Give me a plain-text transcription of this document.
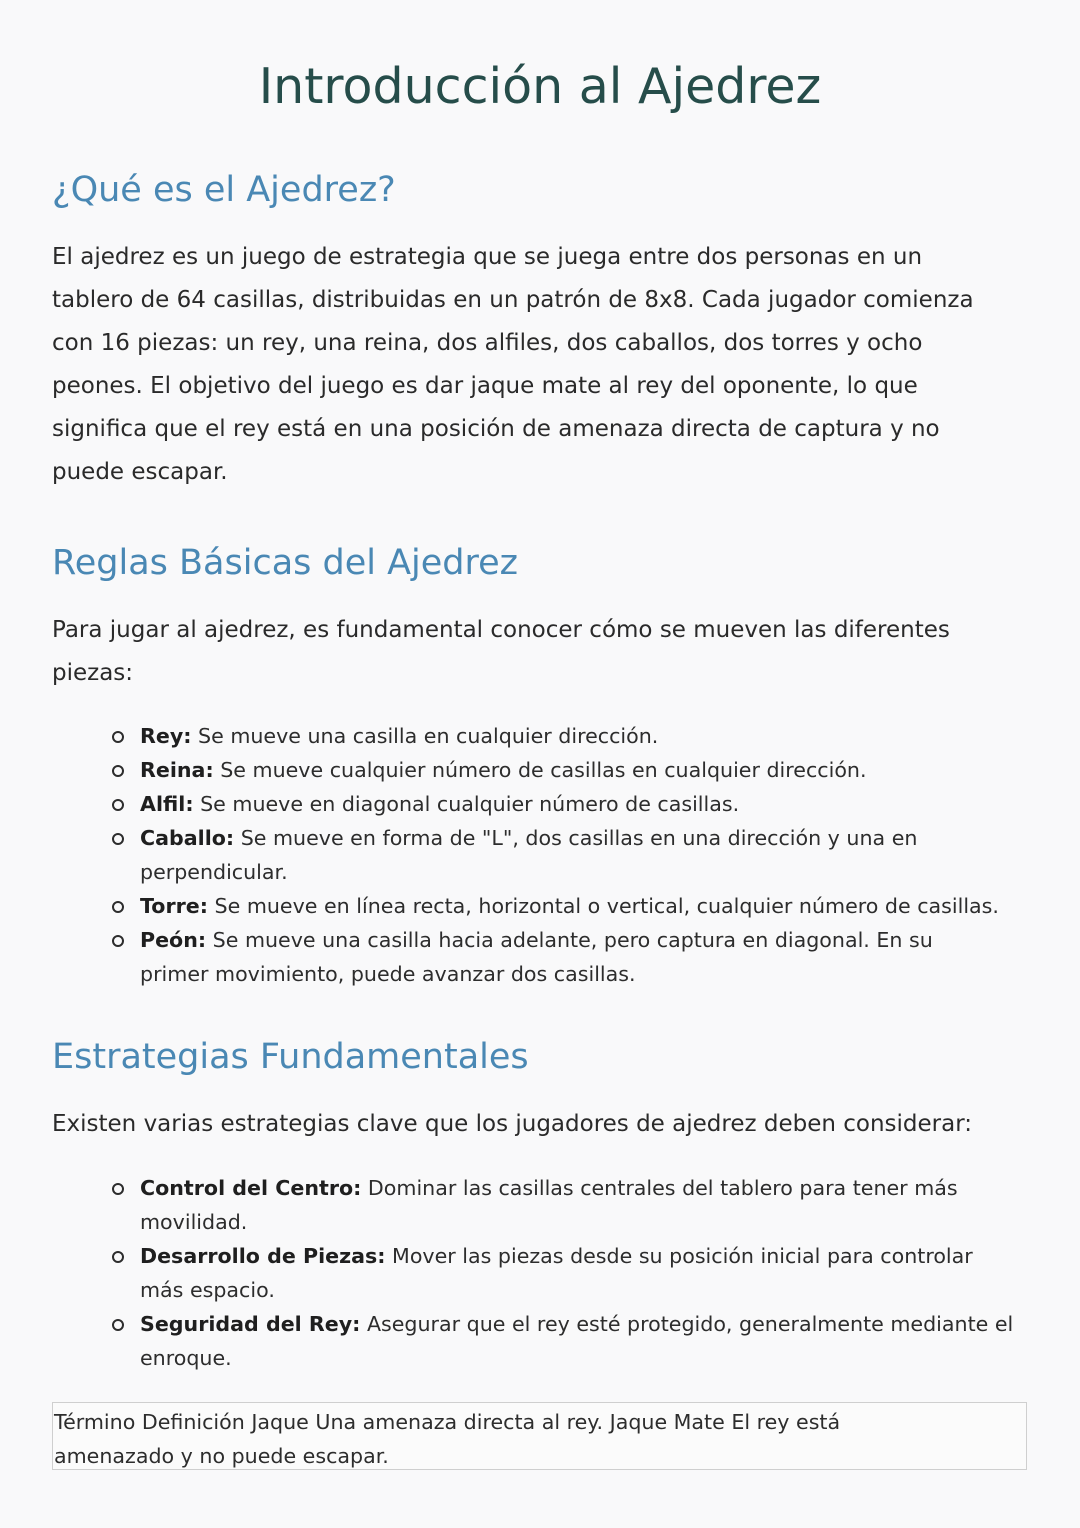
Introducción al Ajedrez
¿Qué es el Ajedrez?

El ajedrez es un juego de estrategia que se juega entre dos personas en un
tablero de 64 casillas, distribuidas en un patrón de 8x8. Cada jugador comienza
con 16 piezas: un rey, una reina, dos alfiles, dos caballos, dos torres y ocho
peones. El objetivo del juego es dar jaque mate al rey del oponente, lo que
significa que el rey está en una posición de amenaza directa de captura y no
puede escapar.

Reglas Básicas del Ajedrez

Para jugar al ajedrez, es fundamental conocer cómo se mueven las diferentes
piezas:

Rey: Se mueve una casilla en cualquier dirección.
Reina: Se mueve cualquier número de casillas en cualquier dirección.
Alfil: Se mueve en diagonal cualquier número de casillas.
Caballo: Se mueve en forma de "L", dos casillas en una dirección y una en
perpendicular.
Torre: Se mueve en línea recta, horizontal o vertical, cualquier número de casillas.
Peón: Se mueve una casilla hacia adelante, pero captura en diagonal. En su
primer movimiento, puede avanzar dos casillas.
Estrategias Fundamentales

Existen varias estrategias clave que los jugadores de ajedrez deben considerar:

Control del Centro: Dominar las casillas centrales del tablero para tener más
movilidad.
Desarrollo de Piezas: Mover las piezas desde su posición inicial para controlar
más espacio.
Seguridad del Rey: Asegurar que el rey esté protegido, generalmente mediante el
enroque.

Término Definición Jaque Una amenaza directa al rey. Jaque Mate El rey está
amenazado y no puede escapar.
